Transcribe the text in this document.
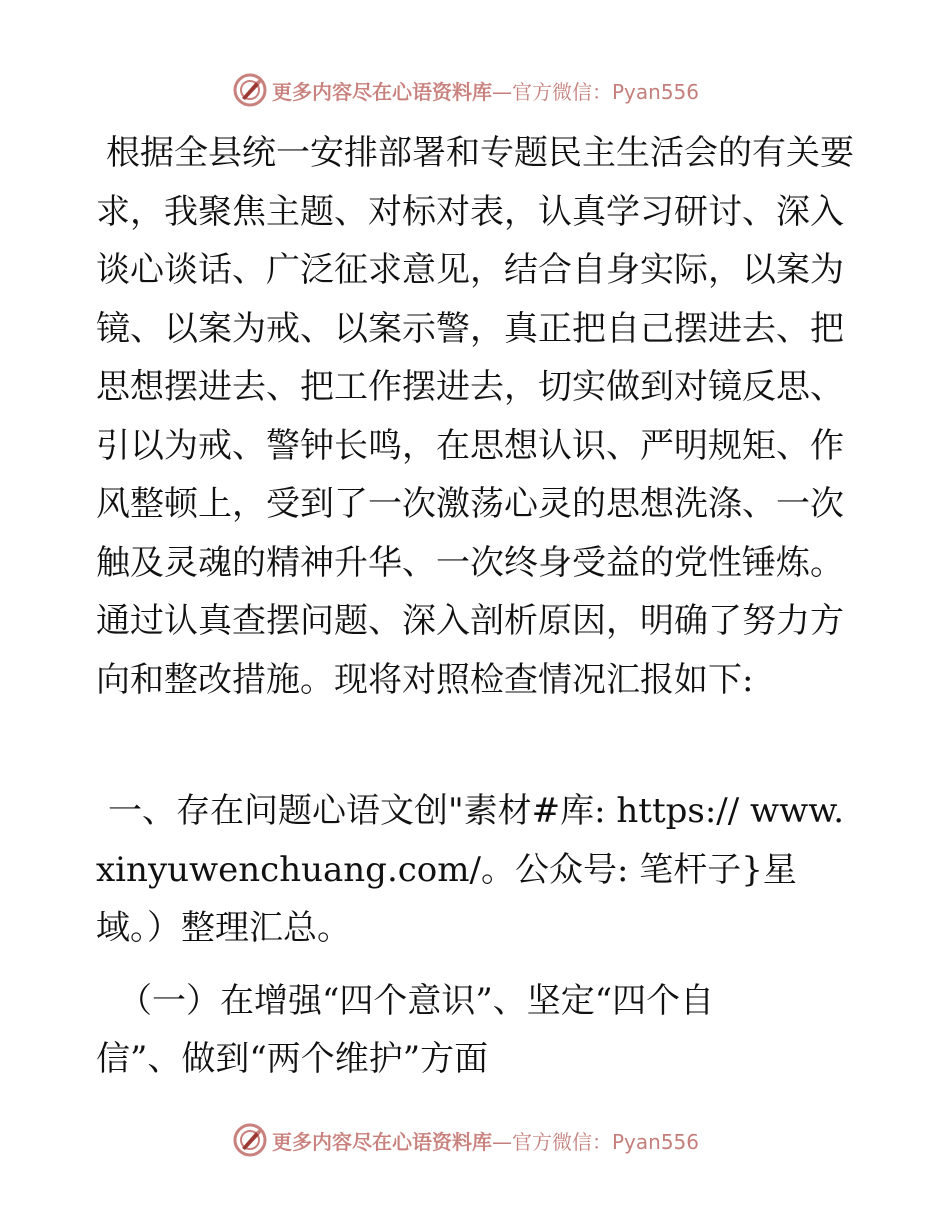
更多内容尽在心语资料库—官方微信：Pyan556

根据全县统一安排部署和专题民主生活会的有关要求，我聚焦主题、对标对表，认真学习研讨、深入谈心谈话、广泛征求意见，结合自身实际，以案为镜、以案为戒、以案示警，真正把自己摆进去、把思想摆进去、把工作摆进去，切实做到对镜反思、引以为戒、警钟长鸣，在思想认识、严明规矩、作风整顿上，受到了一次激荡心灵的思想洗涤、一次触及灵魂的精神升华、一次终身受益的党性锤炼。通过认真查摆问题、深入剖析原因，明确了努力方向和整改措施。现将对照检查情况汇报如下:

一、存在问题心语文创"素材#库: https:// www.xinyuwenchuang.com/。公众号: 笔杆子}星域。）整理汇总。

（一）在增强“四个意识”、坚定“四个自信”、做到“两个维护”方面

更多内容尽在心语资料库—官方微信：Pyan556
